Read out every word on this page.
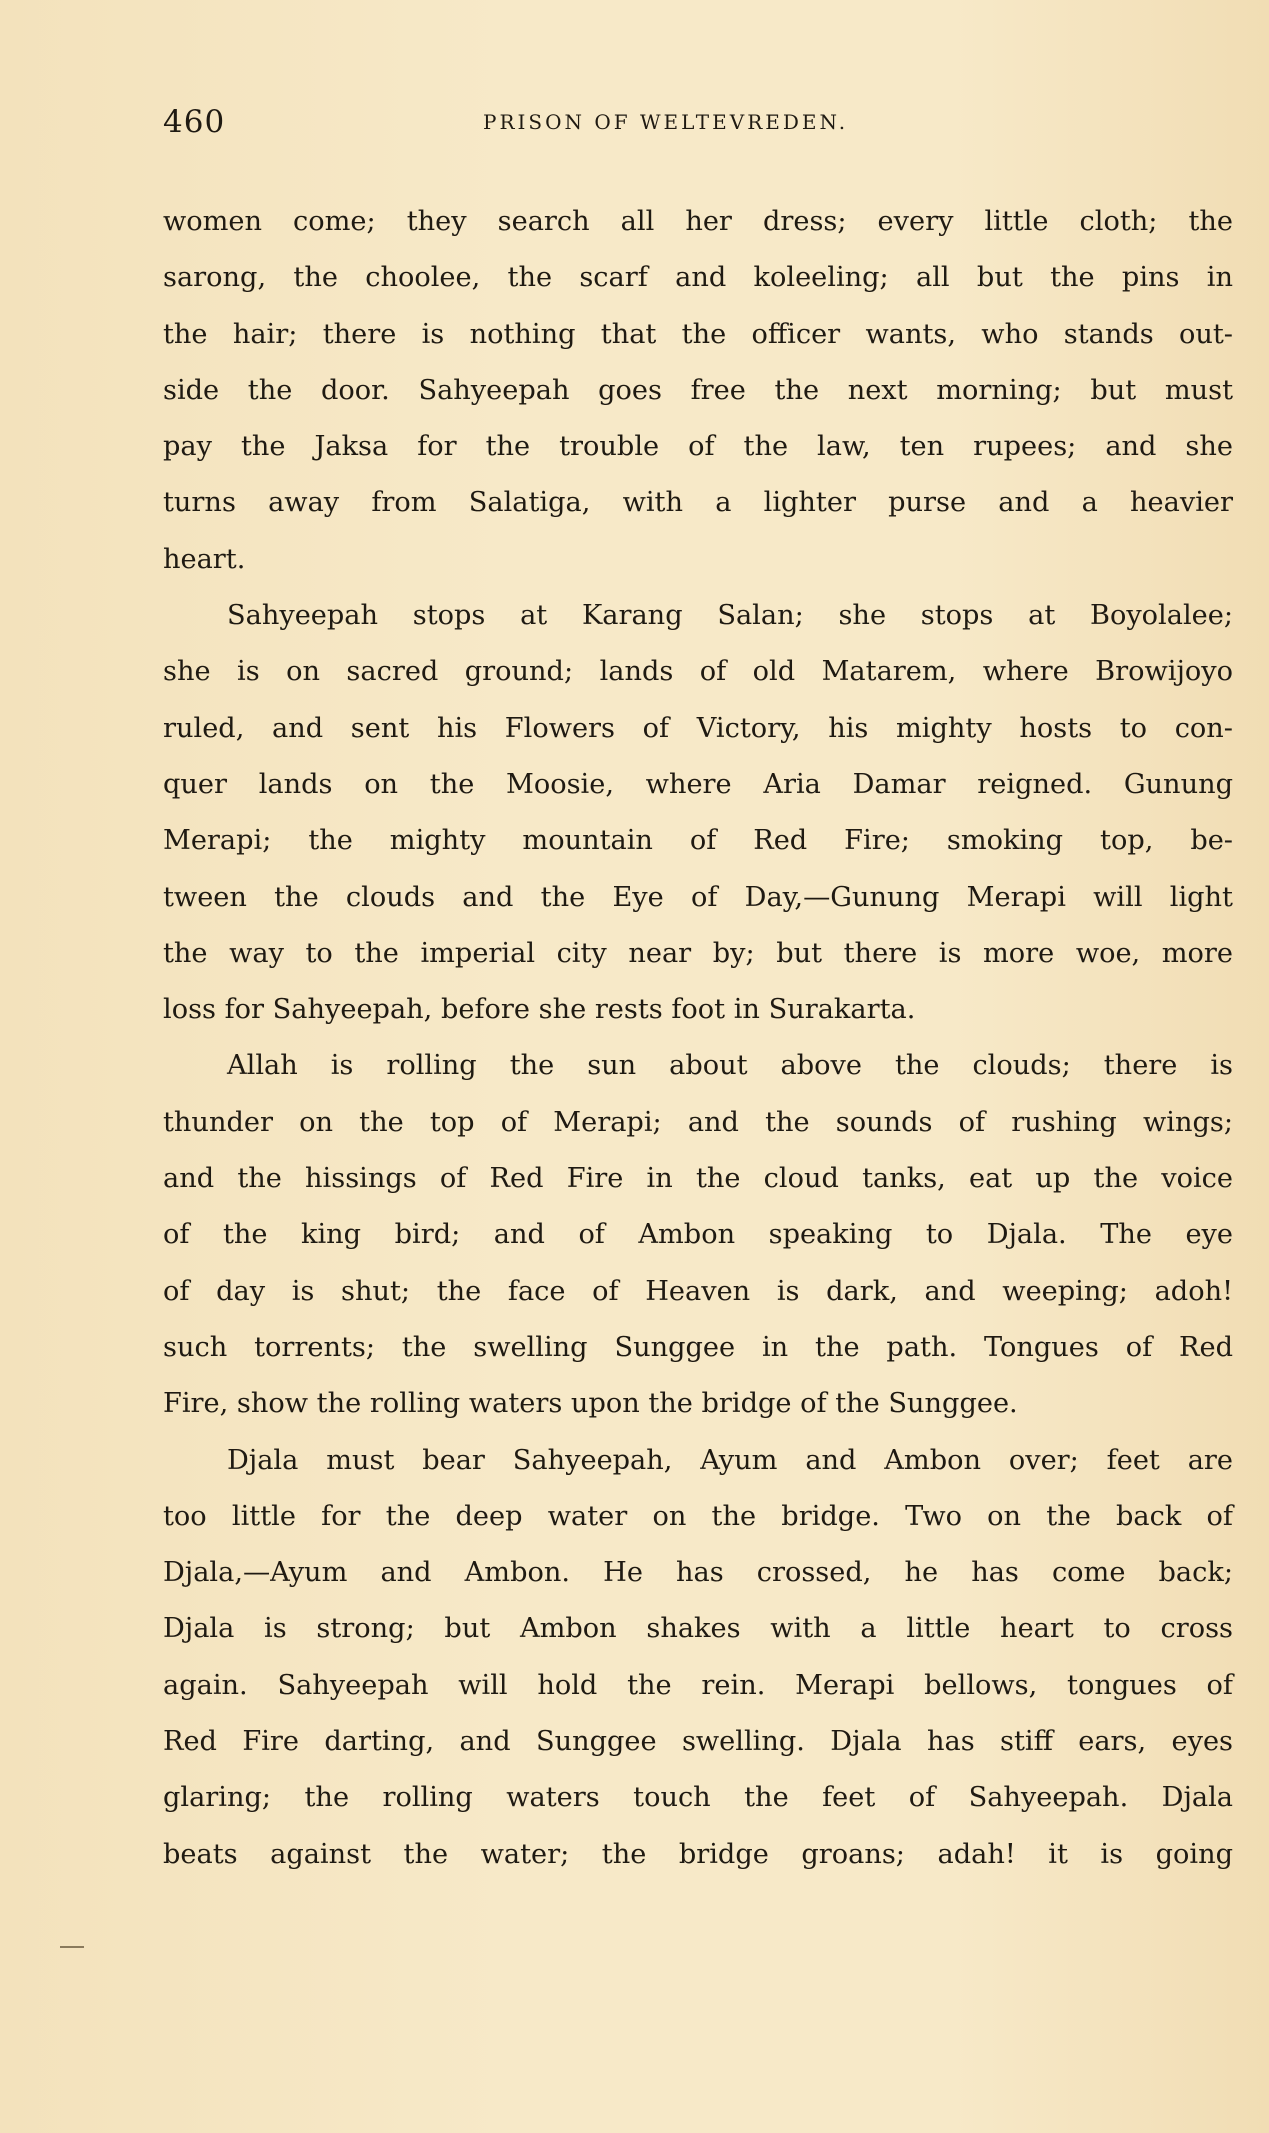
460	PRISON OF WELTEVREDEN.
women come; they search all her dress; every little cloth; the
sarong, the choolee, the scarf and koleeling; all but the pins in
the hair; there is nothing that the officer wants, who stands out-
side the door. Sahyeepah goes free the next morning; but must
pay the Jaksa for the trouble of the law, ten rupees; and she
turns away from Salatiga, with a lighter purse and a heavier
heart.
Sahyeepah stops at Karang Salan; she stops at Boyolalee;
she is on sacred ground; lands of old Matarem, where Browijoyo
ruled, and sent his Flowers of Victory, his mighty hosts to con-
quer lands on the Moosie, where Aria Damar reigned. Gunung
Merapi; the mighty mountain of Red Fire; smoking top, be-
tween the clouds and the Eye of Day,—Gunung Merapi will light
the way to the imperial city near by; but there is more woe, more
loss for Sahyeepah, before she rests foot in Surakarta.
Allah is rolling the sun about above the clouds; there is
thunder on the top of Merapi; and the sounds of rushing wings;
and the hissings of Red Fire in the cloud tanks, eat up the voice
of the king bird; and of Ambon speaking to Djala. The eye
of day is shut; the face of Heaven is dark, and weeping; adoh!
such torrents; the swelling Sunggee in the path. Tongues of Red
Fire, show the rolling waters upon the bridge of the Sunggee.
Djala must bear Sahyeepah, Ayum and Ambon over; feet are
too little for the deep water on the bridge. Two on the back of
Djala,—Ayum and Ambon. He has crossed, he has come back;
Djala is strong; but Ambon shakes with a little heart to cross
again. Sahyeepah will hold the rein. Merapi bellows, tongues of
Red Fire darting, and Sunggee swelling. Djala has stiff ears, eyes
glaring; the rolling waters touch the feet of Sahyeepah. Djala
beats against the water; the bridge groans; adah! it is going
